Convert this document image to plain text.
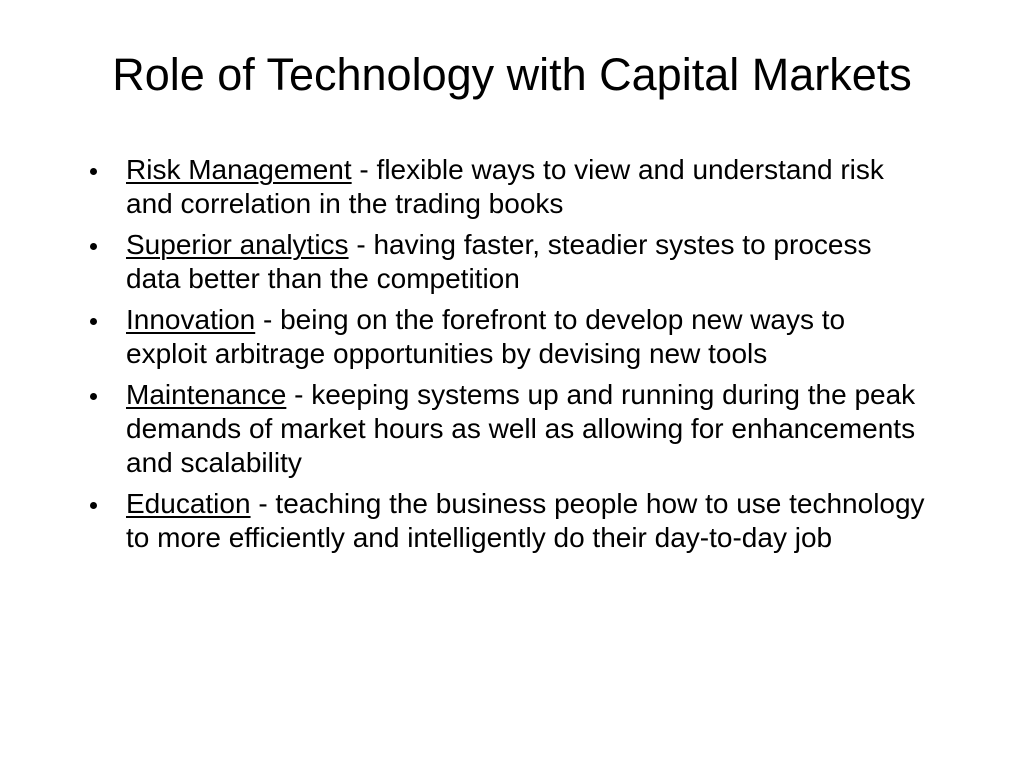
Role of Technology with Capital Markets
Risk Management - flexible ways to view and understand risk
and correlation in the trading books
Superior analytics - having faster, steadier systes to process
data better than the competition
Innovation - being on the forefront to develop new ways to
exploit arbitrage opportunities by devising new tools
Maintenance - keeping systems up and running during the peak
demands of market hours as well as allowing for enhancements
and scalability
Education - teaching the business people how to use technology
to more efficiently and intelligently do their day-to-day job
